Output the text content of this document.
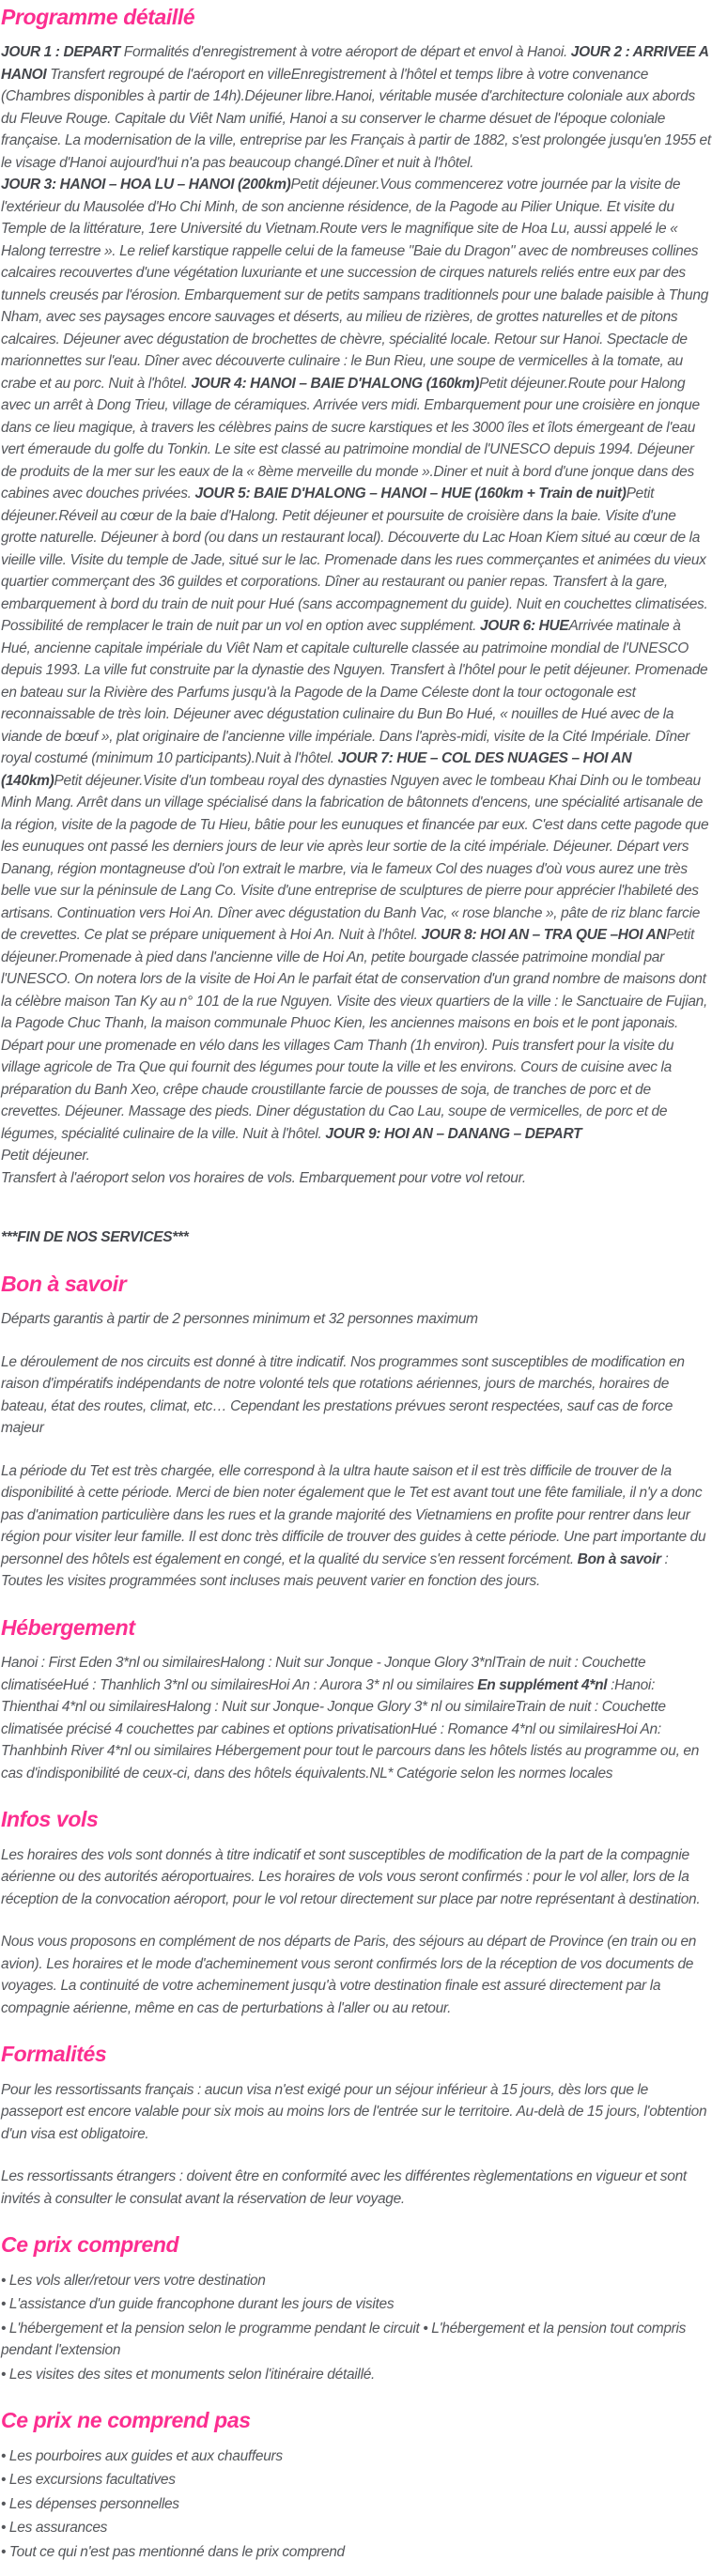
Programme détaillé

JOUR 1 : DEPART Formalités d'enregistrement à votre aéroport de départ et envol à Hanoi. JOUR 2 : ARRIVEE A HANOI Transfert regroupé de l'aéroport en villeEnregistrement à l'hôtel et temps libre à votre convenance (Chambres disponibles à partir de 14h).Déjeuner libre.Hanoi, véritable musée d'architecture coloniale aux abords du Fleuve Rouge. Capitale du Viêt Nam unifié, Hanoi a su conserver le charme désuet de l'époque coloniale française. La modernisation de la ville, entreprise par les Français à partir de 1882, s'est prolongée jusqu'en 1955 et le visage d'Hanoi aujourd'hui n'a pas beaucoup changé.Dîner et nuit à l'hôtel.
JOUR 3: HANOI – HOA LU – HANOI (200km)Petit déjeuner.Vous commencerez votre journée par la visite de l'extérieur du Mausolée d'Ho Chi Minh, de son ancienne résidence, de la Pagode au Pilier Unique. Et visite du Temple de la littérature, 1ere Université du Vietnam.Route vers le magnifique site de Hoa Lu, aussi appelé le « Halong terrestre ». Le relief karstique rappelle celui de la fameuse "Baie du Dragon" avec de nombreuses collines calcaires recouvertes d'une végétation luxuriante et une succession de cirques naturels reliés entre eux par des tunnels creusés par l'érosion. Embarquement sur de petits sampans traditionnels pour une balade paisible à Thung Nham, avec ses paysages encore sauvages et déserts, au milieu de rizières, de grottes naturelles et de pitons calcaires. Déjeuner avec dégustation de brochettes de chèvre, spécialité locale. Retour sur Hanoi. Spectacle de marionnettes sur l'eau. Dîner avec découverte culinaire : le Bun Rieu, une soupe de vermicelles à la tomate, au crabe et au porc. Nuit à l'hôtel. JOUR 4: HANOI – BAIE D'HALONG (160km)Petit déjeuner.Route pour Halong avec un arrêt à Dong Trieu, village de céramiques. Arrivée vers midi. Embarquement pour une croisière en jonque dans ce lieu magique, à travers les célèbres pains de sucre karstiques et les 3000 îles et îlots émergeant de l'eau vert émeraude du golfe du Tonkin. Le site est classé au patrimoine mondial de l'UNESCO depuis 1994. Déjeuner de produits de la mer sur les eaux de la « 8ème merveille du monde ».Diner et nuit à bord d'une jonque dans des cabines avec douches privées. JOUR 5: BAIE D'HALONG – HANOI – HUE (160km + Train de nuit)Petit déjeuner.Réveil au cœur de la baie d'Halong. Petit déjeuner et poursuite de croisière dans la baie. Visite d'une grotte naturelle. Déjeuner à bord (ou dans un restaurant local). Découverte du Lac Hoan Kiem situé au cœur de la vieille ville. Visite du temple de Jade, situé sur le lac. Promenade dans les rues commerçantes et animées du vieux quartier commerçant des 36 guildes et corporations. Dîner au restaurant ou panier repas. Transfert à la gare, embarquement à bord du train de nuit pour Hué (sans accompagnement du guide). Nuit en couchettes climatisées. Possibilité de remplacer le train de nuit par un vol en option avec supplément. JOUR 6: HUEArrivée matinale à Hué, ancienne capitale impériale du Viêt Nam et capitale culturelle classée au patrimoine mondial de l'UNESCO depuis 1993. La ville fut construite par la dynastie des Nguyen. Transfert à l'hôtel pour le petit déjeuner. Promenade en bateau sur la Rivière des Parfums jusqu'à la Pagode de la Dame Céleste dont la tour octogonale est reconnaissable de très loin. Déjeuner avec dégustation culinaire du Bun Bo Hué, « nouilles de Hué avec de la viande de bœuf », plat originaire de l'ancienne ville impériale. Dans l'après-midi, visite de la Cité Impériale. Dîner royal costumé (minimum 10 participants).Nuit à l'hôtel. JOUR 7: HUE – COL DES NUAGES – HOI AN (140km)Petit déjeuner.Visite d'un tombeau royal des dynasties Nguyen avec le tombeau Khai Dinh ou le tombeau Minh Mang. Arrêt dans un village spécialisé dans la fabrication de bâtonnets d'encens, une spécialité artisanale de la région, visite de la pagode de Tu Hieu, bâtie pour les eunuques et financée par eux. C'est dans cette pagode que les eunuques ont passé les derniers jours de leur vie après leur sortie de la cité impériale. Déjeuner. Départ vers Danang, région montagneuse d'où l'on extrait le marbre, via le fameux Col des nuages d'où vous aurez une très belle vue sur la péninsule de Lang Co. Visite d'une entreprise de sculptures de pierre pour apprécier l'habileté des artisans. Continuation vers Hoi An. Dîner avec dégustation du Banh Vac, « rose blanche », pâte de riz blanc farcie de crevettes. Ce plat se prépare uniquement à Hoi An. Nuit à l'hôtel. JOUR 8: HOI AN – TRA QUE –HOI ANPetit déjeuner.Promenade à pied dans l'ancienne ville de Hoi An, petite bourgade classée patrimoine mondial par l'UNESCO. On notera lors de la visite de Hoi An le parfait état de conservation d'un grand nombre de maisons dont la célèbre maison Tan Ky au n° 101 de la rue Nguyen. Visite des vieux quartiers de la ville : le Sanctuaire de Fujian, la Pagode Chuc Thanh, la maison communale Phuoc Kien, les anciennes maisons en bois et le pont japonais. Départ pour une promenade en vélo dans les villages Cam Thanh (1h environ). Puis transfert pour la visite du village agricole de Tra Que qui fournit des légumes pour toute la ville et les environs. Cours de cuisine avec la préparation du Banh Xeo, crêpe chaude croustillante farcie de pousses de soja, de tranches de porc et de crevettes. Déjeuner. Massage des pieds. Diner dégustation du Cao Lau, soupe de vermicelles, de porc et de légumes, spécialité culinaire de la ville. Nuit à l'hôtel. JOUR 9: HOI AN – DANANG – DEPART
Petit déjeuner.
Transfert à l'aéroport selon vos horaires de vols. Embarquement pour votre vol retour.

***FIN DE NOS SERVICES***

Bon à savoir

Départs garantis à partir de 2 personnes minimum et 32 personnes maximum

Le déroulement de nos circuits est donné à titre indicatif. Nos programmes sont susceptibles de modification en raison d'impératifs indépendants de notre volonté tels que rotations aériennes, jours de marchés, horaires de bateau, état des routes, climat, etc… Cependant les prestations prévues seront respectées, sauf cas de force majeur

La période du Tet est très chargée, elle correspond à la ultra haute saison et il est très difficile de trouver de la disponibilité à cette période. Merci de bien noter également que le Tet est avant tout une fête familiale, il n'y a donc pas d'animation particulière dans les rues et la grande majorité des Vietnamiens en profite pour rentrer dans leur région pour visiter leur famille. Il est donc très difficile de trouver des guides à cette période. Une part importante du personnel des hôtels est également en congé, et la qualité du service s'en ressent forcément. Bon à savoir : Toutes les visites programmées sont incluses mais peuvent varier en fonction des jours.

Hébergement

Hanoi : First Eden 3*nl ou similairesHalong : Nuit sur Jonque - Jonque Glory 3*nlTrain de nuit : Couchette climatiséeHué : Thanhlich 3*nl ou similairesHoi An : Aurora 3* nl ou similaires En supplément 4*nl :Hanoi: Thienthai 4*nl ou similairesHalong : Nuit sur Jonque- Jonque Glory 3* nl ou similaireTrain de nuit : Couchette climatisée précisé 4 couchettes par cabines et options privatisationHué : Romance 4*nl ou similairesHoi An: Thanhbinh River 4*nl ou similaires Hébergement pour tout le parcours dans les hôtels listés au programme ou, en cas d'indisponibilité de ceux-ci, dans des hôtels équivalents.NL* Catégorie selon les normes locales

Infos vols

Les horaires des vols sont donnés à titre indicatif et sont susceptibles de modification de la part de la compagnie aérienne ou des autorités aéroportuaires. Les horaires de vols vous seront confirmés : pour le vol aller, lors de la réception de la convocation aéroport, pour le vol retour directement sur place par notre représentant à destination.

Nous vous proposons en complément de nos départs de Paris, des séjours au départ de Province (en train ou en avion). Les horaires et le mode d'acheminement vous seront confirmés lors de la réception de vos documents de voyages. La continuité de votre acheminement jusqu'à votre destination finale est assuré directement par la compagnie aérienne, même en cas de perturbations à l'aller ou au retour.

Formalités

Pour les ressortissants français : aucun visa n'est exigé pour un séjour inférieur à 15 jours, dès lors que le passeport est encore valable pour six mois au moins lors de l'entrée sur le territoire. Au-delà de 15 jours, l'obtention d'un visa est obligatoire.

Les ressortissants étrangers : doivent être en conformité avec les différentes règlementations en vigueur et sont invités à consulter le consulat avant la réservation de leur voyage.

Ce prix comprend

• Les vols aller/retour vers votre destination

• L'assistance d'un guide francophone durant les jours de visites

• L'hébergement et la pension selon le programme pendant le circuit • L'hébergement et la pension tout compris pendant l'extension

• Les visites des sites et monuments selon l'itinéraire détaillé.

Ce prix ne comprend pas

• Les pourboires aux guides et aux chauffeurs

• Les excursions facultatives

• Les dépenses personnelles

• Les assurances

• Tout ce qui n'est pas mentionné dans le prix comprend
